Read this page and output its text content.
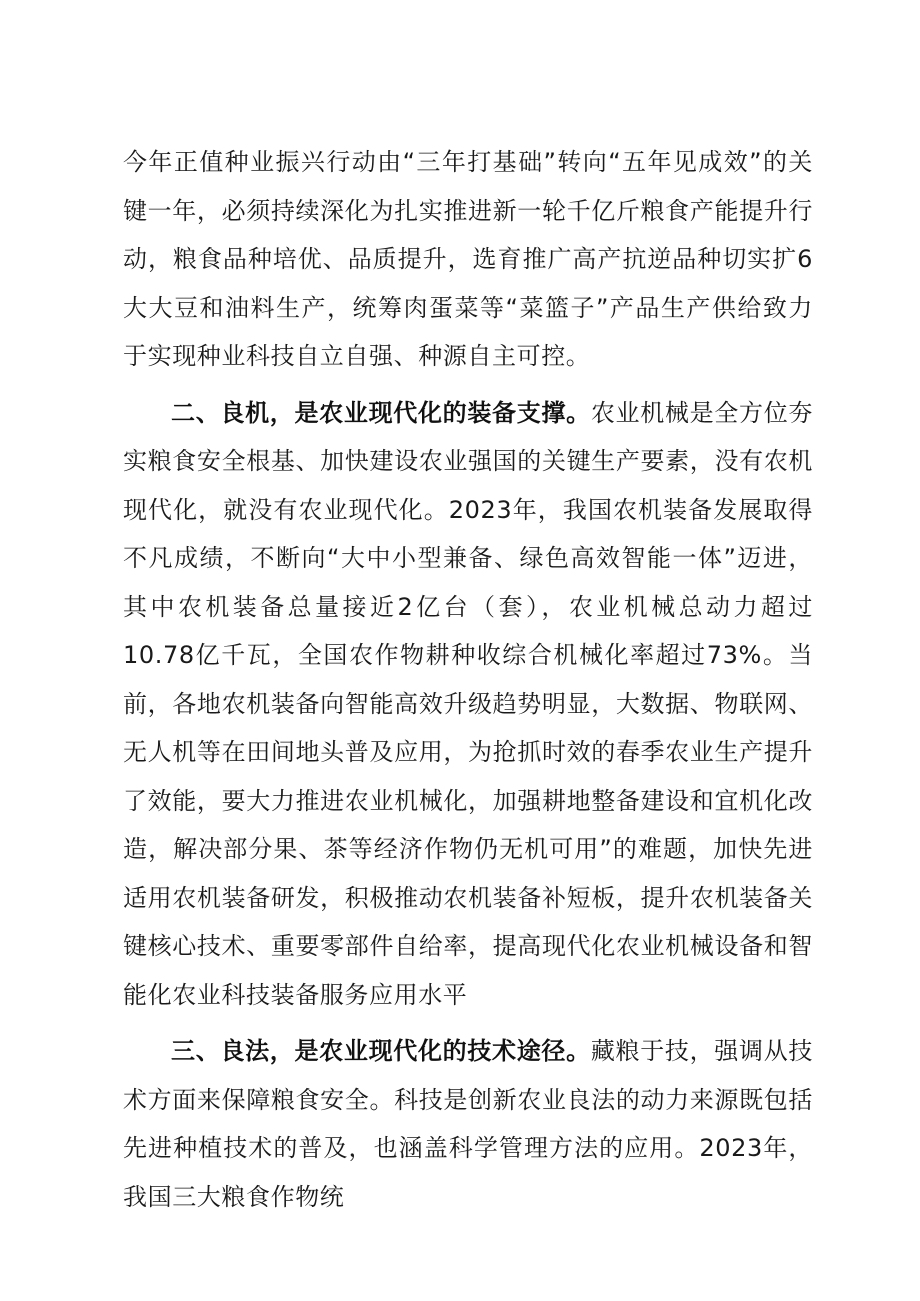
今年正值种业振兴行动由“三年打基础”转向“五年见成效”的关键一年，必须持续深化为扎实推进新一轮千亿斤粮食产能提升行动，粮食品种培优、品质提升，选育推广高产抗逆品种切实扩6大大豆和油料生产，统筹肉蛋菜等“菜篮子”产品生产供给致力于实现种业科技自立自强、种源自主可控。

二、良机，是农业现代化的装备支撑。农业机械是全方位夯实粮食安全根基、加快建设农业强国的关键生产要素，没有农机现代化，就没有农业现代化。2023年，我国农机装备发展取得不凡成绩，不断向“大中小型兼备、绿色高效智能一体”迈进，其中农机装备总量接近2亿台（套），农业机械总动力超过10.78亿千瓦，全国农作物耕种收综合机械化率超过73%。当前，各地农机装备向智能高效升级趋势明显，大数据、物联网、无人机等在田间地头普及应用，为抢抓时效的春季农业生产提升了效能，要大力推进农业机械化，加强耕地整备建设和宜机化改造，解决部分果、茶等经济作物仍无机可用”的难题，加快先进适用农机装备研发，积极推动农机装备补短板，提升农机装备关键核心技术、重要零部件自给率，提高现代化农业机械设备和智能化农业科技装备服务应用水平

三、良法，是农业现代化的技术途径。藏粮于技，强调从技术方面来保障粮食安全。科技是创新农业良法的动力来源既包括先进种植技术的普及，也涵盖科学管理方法的应用。2023年，我国三大粮食作物统
